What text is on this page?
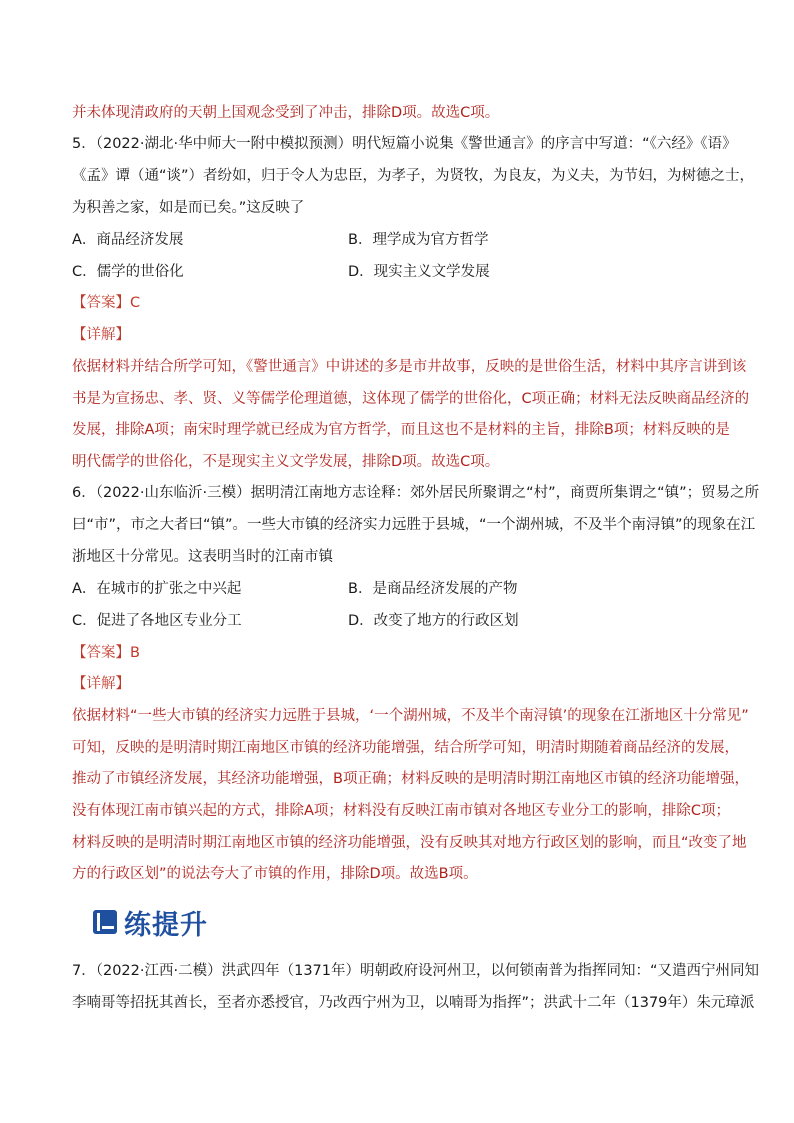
并未体现清政府的天朝上国观念受到了冲击，排除D项。故选C项。
5．（2022·湖北·华中师大一附中模拟预测）明代短篇小说集《警世通言》的序言中写道：“《六经》《语》
《孟》谭（通“谈”）者纷如，归于令人为忠臣，为孝子，为贤牧，为良友，为义夫，为节妇，为树德之士，
为积善之家，如是而已矣。”这反映了
A．商品经济发展	B．理学成为官方哲学
C．儒学的世俗化	D．现实主义文学发展
【答案】C
【详解】
依据材料并结合所学可知，《警世通言》中讲述的多是市井故事，反映的是世俗生活，材料中其序言讲到该
书是为宣扬忠、孝、贤、义等儒学伦理道德，这体现了儒学的世俗化，C项正确；材料无法反映商品经济的
发展，排除A项；南宋时理学就已经成为官方哲学，而且这也不是材料的主旨，排除B项；材料反映的是
明代儒学的世俗化，不是现实主义文学发展，排除D项。故选C项。
6．（2022·山东临沂·三模）据明清江南地方志诠释：郊外居民所聚谓之“村”，商贾所集谓之“镇”；贸易之所
曰“市”，市之大者曰“镇”。一些大市镇的经济实力远胜于县城，“一个湖州城，不及半个南浔镇”的现象在江
浙地区十分常见。这表明当时的江南市镇
A．在城市的扩张之中兴起	B．是商品经济发展的产物
C．促进了各地区专业分工	D．改变了地方的行政区划
【答案】B
【详解】
依据材料“一些大市镇的经济实力远胜于县城，‘一个湖州城，不及半个南浔镇’的现象在江浙地区十分常见”
可知，反映的是明清时期江南地区市镇的经济功能增强，结合所学可知，明清时期随着商品经济的发展，
推动了市镇经济发展，其经济功能增强，B项正确；材料反映的是明清时期江南地区市镇的经济功能增强，
没有体现江南市镇兴起的方式，排除A项；材料没有反映江南市镇对各地区专业分工的影响，排除C项；
材料反映的是明清时期江南地区市镇的经济功能增强，没有反映其对地方行政区划的影响，而且“改变了地
方的行政区划”的说法夸大了市镇的作用，排除D项。故选B项。
练提升
7．（2022·江西·二模）洪武四年（1371年）明朝政府设河州卫，以何锁南普为指挥同知：“又遣西宁州同知
李喃哥等招抚其酋长，至者亦悉授官，乃改西宁州为卫，以喃哥为指挥”；洪武十二年（1379年）朱元璋派
